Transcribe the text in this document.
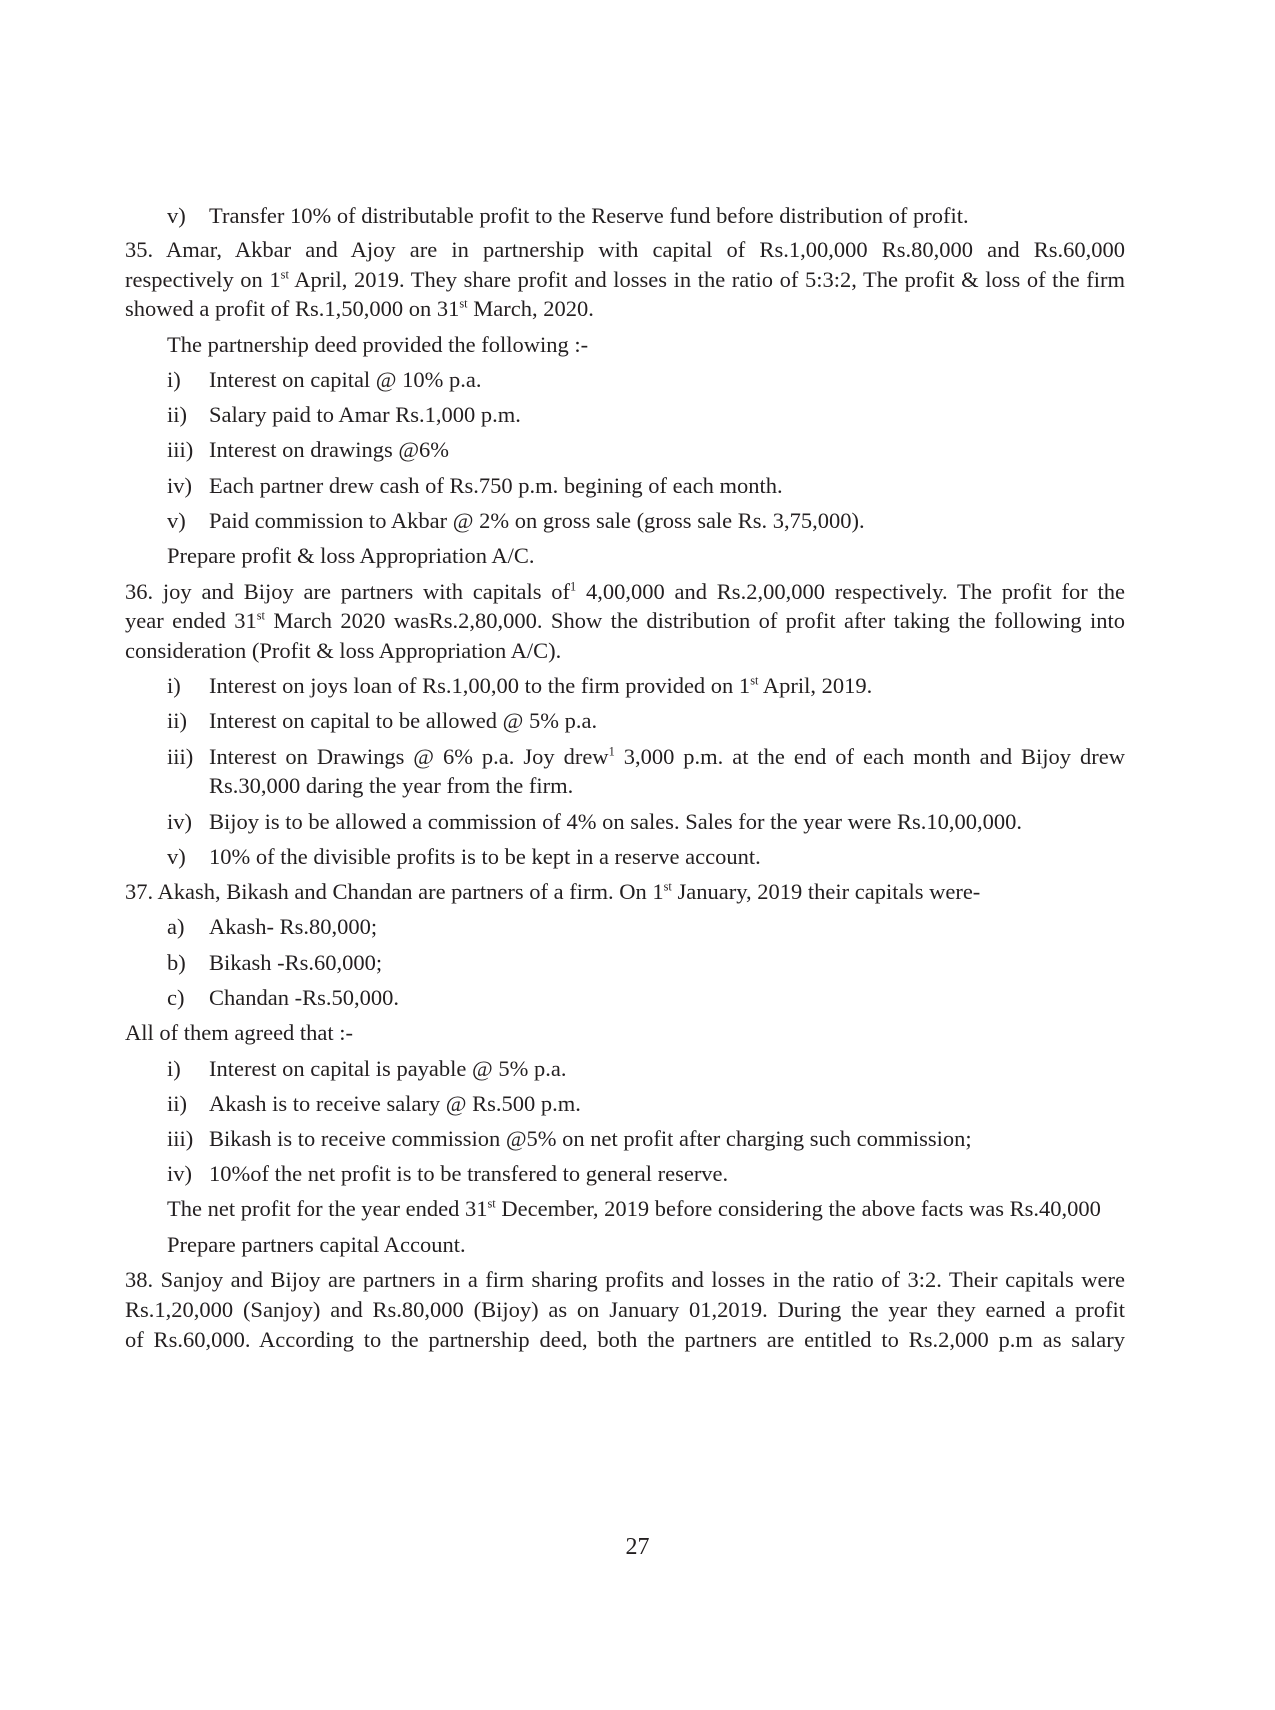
v) Transfer 10% of distributable profit to the Reserve fund before distribution of profit.
35. Amar, Akbar and Ajoy are in partnership with capital of Rs.1,00,000 Rs.80,000 and Rs.60,000
respectively on 1st April, 2019. They share profit and losses in the ratio of 5:3:2, The profit & loss of the firm
showed a profit of Rs.1,50,000 on 31st March, 2020.
The partnership deed provided the following :-
i) Interest on capital @ 10% p.a.
ii) Salary paid to Amar Rs.1,000 p.m.
iii) Interest on drawings @6%
iv) Each partner drew cash of Rs.750 p.m. begining of each month.
v) Paid commission to Akbar @ 2% on gross sale (gross sale Rs. 3,75,000).
Prepare profit & loss Appropriation A/C.
36. joy and Bijoy are partners with capitals $of^1$ 4,00,000 and Rs.2,00,000 respectively. The profit for the
year ended 31st March 2020 wasRs.2,80,000. Show the distribution of profit after taking the following into
consideration (Profit & loss Appropriation A/C).
i) Interest on joys loan of Rs.1,00,00 to the firm provided on 1st April, 2019.
ii) Interest on capital to be allowed @ 5% p.a.
iii) Interest on Drawings @ 6% p.a. Joy drew$^1$ 3,000 p.m. at the end of each month and Bijoy drew
Rs.30,000 daring the year from the firm.
iv) Bijoy is to be allowed a commission of 4% on sales. Sales for the year were Rs.10,00,000.
v) 10% of the divisible profits is to be kept in a reserve account.
37. Akash, Bikash and Chandan are partners of a firm. On 1st January, 2019 their capitals were-
a) Akash- Rs.80,000;
b) Bikash -Rs.60,000;
c) Chandan -Rs.50,000.
All of them agreed that :-
i) Interest on capital is payable @ 5% p.a.
ii) Akash is to receive salary @ Rs.500 p.m.
iii) Bikash is to receive commission @5% on net profit after charging such commission;
iv) 10%of the net profit is to be transfered to general reserve.
The net profit for the year ended 31st December, 2019 before considering the above facts was Rs.40,000
Prepare partners capital Account.
38. Sanjoy and Bijoy are partners in a firm sharing profits and losses in the ratio of 3:2. Their capitals were
Rs.1,20,000 (Sanjoy) and Rs.80,000 (Bijoy) as on January 01,2019. During the year they earned a profit
of Rs.60,000. According to the partnership deed, both the partners are entitled to Rs.2,000 p.m as salary
27
